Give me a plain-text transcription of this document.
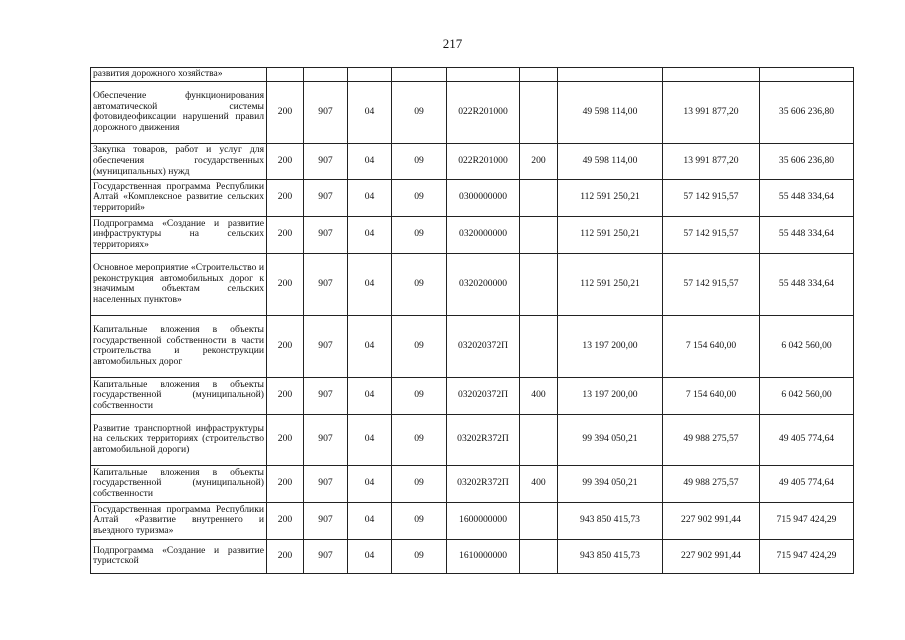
217
развития дорожного хозяйства»									
Обеспечение функционирования автоматической системы фотовидеофиксации нарушений правил дорожного движения	200	907	04	09	022R201000		49 598 114,00	13 991 877,20	35 606 236,80
Закупка товаров, работ и услуг для обеспечения государственных (муниципальных) нужд	200	907	04	09	022R201000	200	49 598 114,00	13 991 877,20	35 606 236,80
Государственная программа Республики Алтай «Комплексное развитие сельских территорий»	200	907	04	09	0300000000		112 591 250,21	57 142 915,57	55 448 334,64
Подпрограмма «Создание и развитие инфраструктуры на сельских территориях»	200	907	04	09	0320000000		112 591 250,21	57 142 915,57	55 448 334,64
Основное мероприятие «Строительство и реконструкция автомобильных дорог к значимым объектам сельских населенных пунктов»	200	907	04	09	0320200000		112 591 250,21	57 142 915,57	55 448 334,64
Капитальные вложения в объекты государственной собственности в части строительства и реконструкции автомобильных дорог	200	907	04	09	032020372П		13 197 200,00	7 154 640,00	6 042 560,00
Капитальные вложения в объекты государственной (муниципальной) собственности	200	907	04	09	032020372П	400	13 197 200,00	7 154 640,00	6 042 560,00
Развитие транспортной инфраструктуры на сельских территориях (строительство автомобильной дороги)	200	907	04	09	03202R372П		99 394 050,21	49 988 275,57	49 405 774,64
Капитальные вложения в объекты государственной (муниципальной) собственности	200	907	04	09	03202R372П	400	99 394 050,21	49 988 275,57	49 405 774,64
Государственная программа Республики Алтай «Развитие внутреннего и въездного туризма»	200	907	04	09	1600000000		943 850 415,73	227 902 991,44	715 947 424,29
Подпрограмма «Создание и развитие туристской	200	907	04	09	1610000000		943 850 415,73	227 902 991,44	715 947 424,29
